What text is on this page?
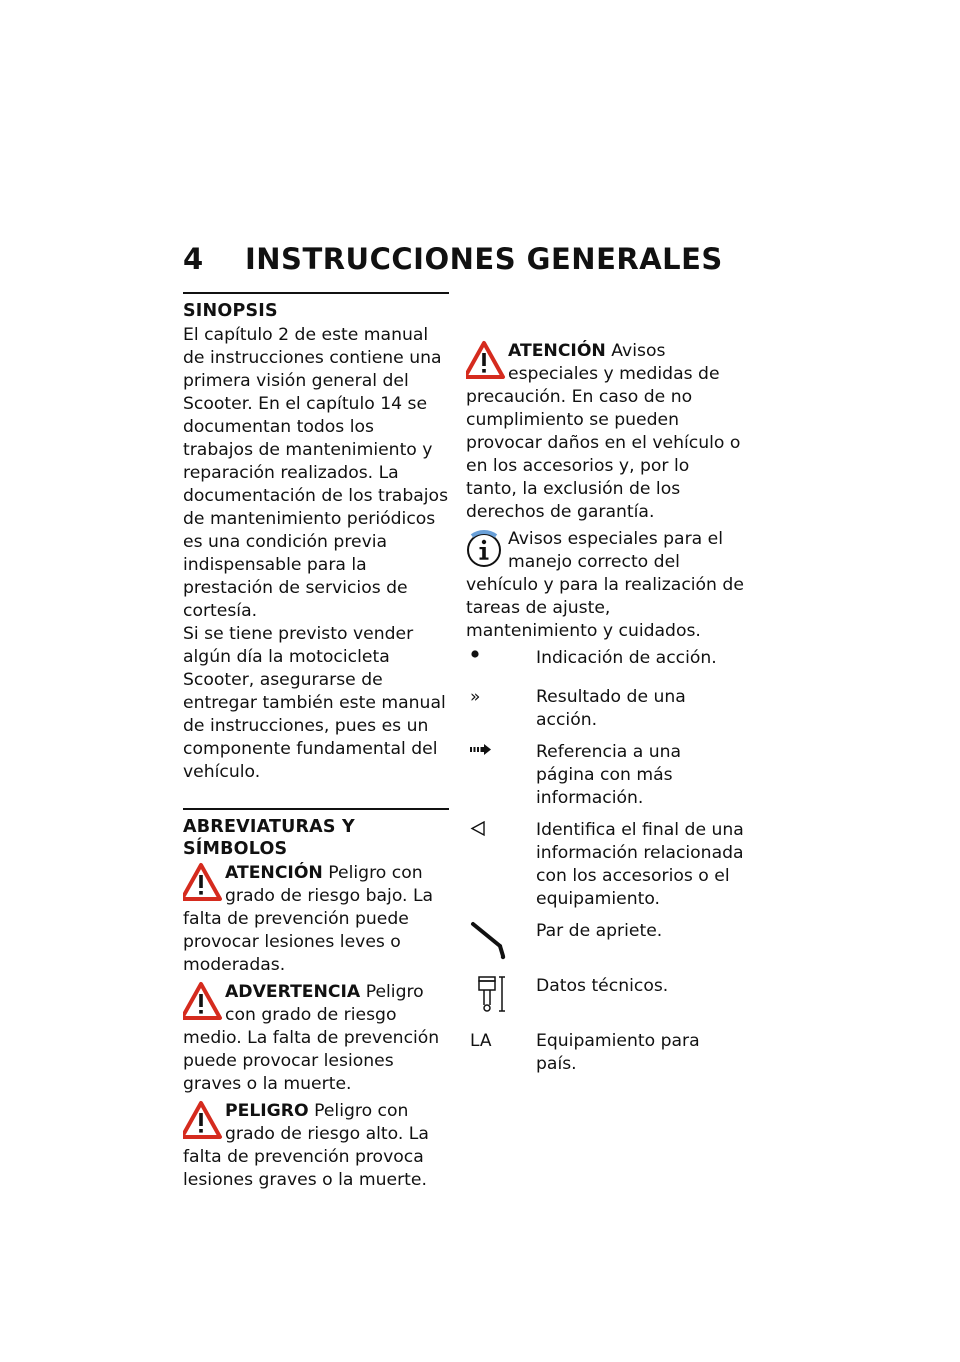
4 INSTRUCCIONES GENERALES
SINOPSIS

El capítulo 2 de este manual de instrucciones contiene una primera visión general del Scooter. En el capítulo 14 se documentan todos los trabajos de mantenimiento y reparación realizados. La documentación de los trabajos de mantenimiento periódicos es una condición previa indispensable para la prestación de servicios de cortesía.

Si se tiene previsto vender algún día la motocicleta Scooter, asegurarse de entregar también este manual de instrucciones, pues es un componente fundamental del vehículo.

ABREVIATURAS Y SÍMBOLOS
ATENCIÓN Peligro con grado de riesgo bajo. La falta de prevención puede provocar lesiones leves o moderadas.
ADVERTENCIA Peligro con grado de riesgo medio. La falta de prevención puede provocar lesiones graves o la muerte.
PELIGRO Peligro con grado de riesgo alto. La falta de prevención provoca lesiones graves o la muerte.
ATENCIÓN Avisos especiales y medidas de precaución. En caso de no cumplimiento se pueden provocar daños en el vehículo o en los accesorios y, por lo tanto, la exclusión de los derechos de garantía.
Avisos especiales para el manejo correcto del vehículo y para la realización de tareas de ajuste, mantenimiento y cuidados.
Indicación de acción.
»	Resultado de una acción.
Referencia a una página con más información.
Identifica el final de una información relacionada con los accesorios o el equipamiento.
Par de apriete.
Datos técnicos.
LA	Equipamiento para país.
